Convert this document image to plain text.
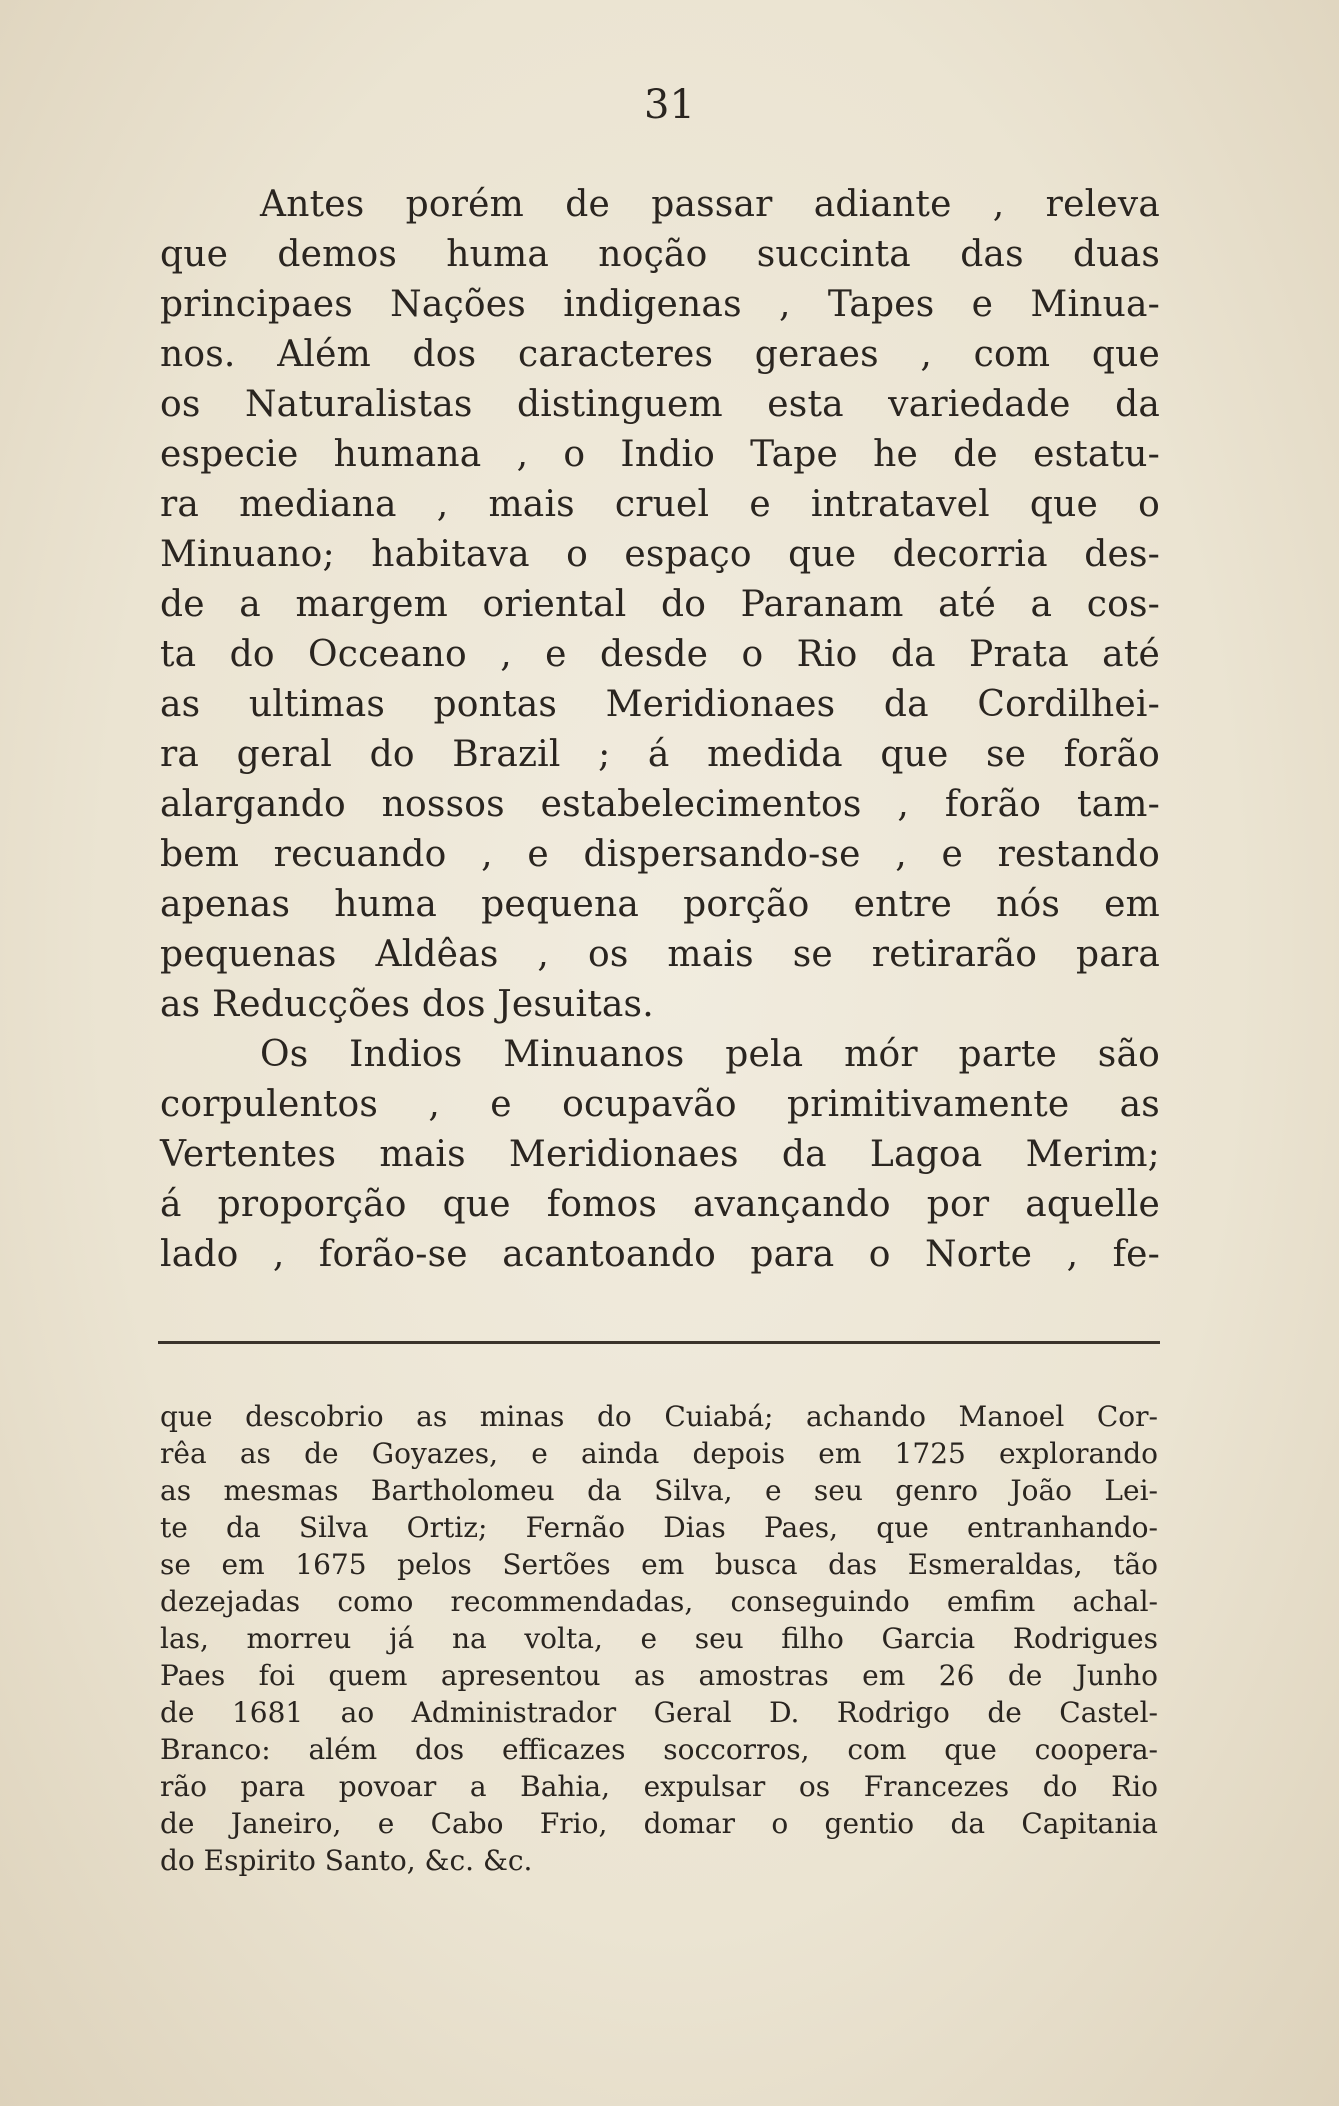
31
Antes porém de passar adiante , releva
que demos huma noção succinta das duas
principaes Nações indigenas , Tapes e Minua-
nos. Além dos caracteres geraes , com que
os Naturalistas distinguem esta variedade da
especie humana , o Indio Tape he de estatu-
ra mediana , mais cruel e intratavel que o
Minuano; habitava o espaço que decorria des-
de a margem oriental do Paranam até a cos-
ta do Occeano , e desde o Rio da Prata até
as ultimas pontas Meridionaes da Cordilhei-
ra geral do Brazil ; á medida que se forão
alargando nossos estabelecimentos , forão tam-
bem recuando , e dispersando-se , e restando
apenas huma pequena porção entre nós em
pequenas Aldêas , os mais se retirarão para
as Reducções dos Jesuitas.
Os Indios Minuanos pela mór parte são
corpulentos , e ocupavão primitivamente as
Vertentes mais Meridionaes da Lagoa Merim;
á proporção que fomos avançando por aquelle
lado , forão-se acantoando para o Norte , fe-
que descobrio as minas do Cuiabá; achando Manoel Cor-
rêa as de Goyazes, e ainda depois em 1725 explorando
as mesmas Bartholomeu da Silva, e seu genro João Lei-
te da Silva Ortiz; Fernão Dias Paes, que entranhando-
se em 1675 pelos Sertões em busca das Esmeraldas, tão
dezejadas como recommendadas, conseguindo emfim achal-
las, morreu já na volta, e seu filho Garcia Rodrigues
Paes foi quem apresentou as amostras em 26 de Junho
de 1681 ao Administrador Geral D. Rodrigo de Castel-
Branco: além dos efficazes soccorros, com que coopera-
rão para povoar a Bahia, expulsar os Francezes do Rio
de Janeiro, e Cabo Frio, domar o gentio da Capitania
do Espirito Santo, &c. &c.
